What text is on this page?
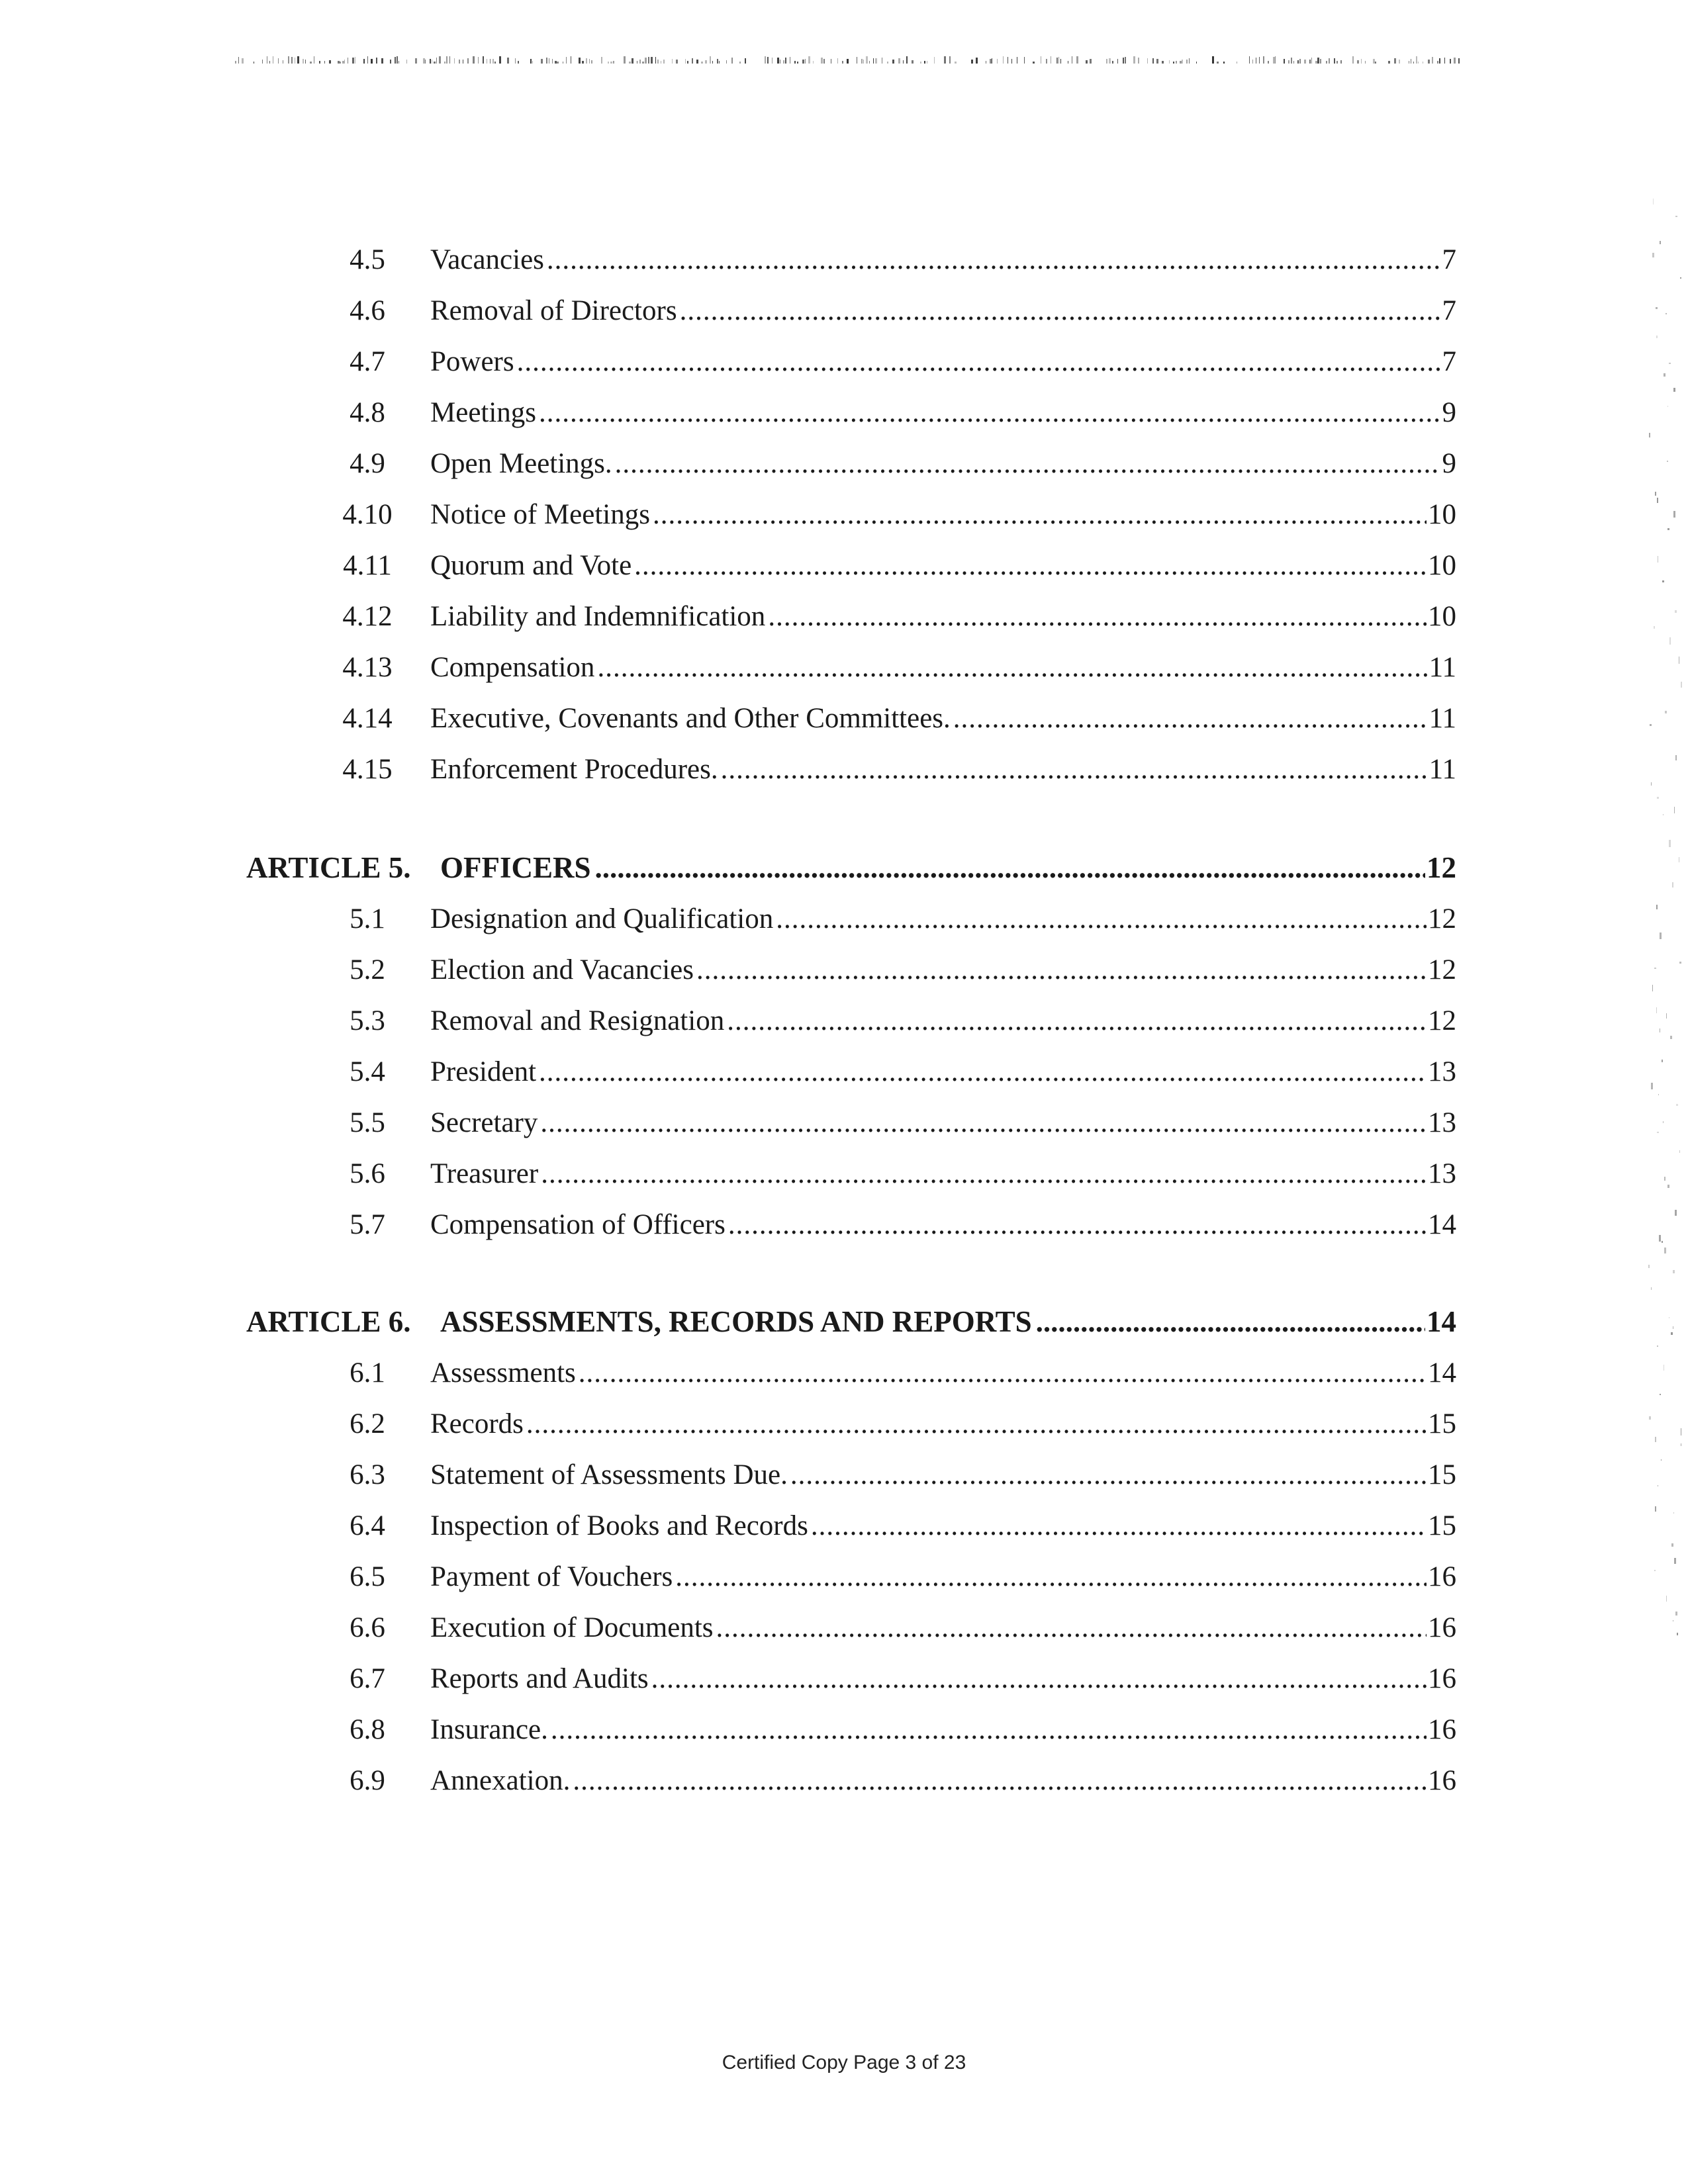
4.5	Vacancies .....	7
4.6	Removal of Directors .....	7
4.7	Powers .....	7
4.8	Meetings .....	9
4.9	Open Meetings. .....	9
4.10	Notice of Meetings .....	10
4.11	Quorum and Vote .....	10
4.12	Liability and Indemnification .....	10
4.13	Compensation .....	11
4.14	Executive, Covenants and Other Committees. .....	11
4.15	Enforcement Procedures. .....	11
ARTICLE 5. OFFICERS .....	12
5.1	Designation and Qualification .....	12
5.2	Election and Vacancies .....	12
5.3	Removal and Resignation .....	12
5.4	President .....	13
5.5	Secretary .....	13
5.6	Treasurer .....	13
5.7	Compensation of Officers .....	14
ARTICLE 6. ASSESSMENTS, RECORDS AND REPORTS .....	14
6.1	Assessments .....	14
6.2	Records .....	15
6.3	Statement of Assessments Due. .....	15
6.4	Inspection of Books and Records .....	15
6.5	Payment of Vouchers .....	16
6.6	Execution of Documents .....	16
6.7	Reports and Audits .....	16
6.8	Insurance. .....	16
6.9	Annexation. .....	16
Certified Copy Page 3 of 23
